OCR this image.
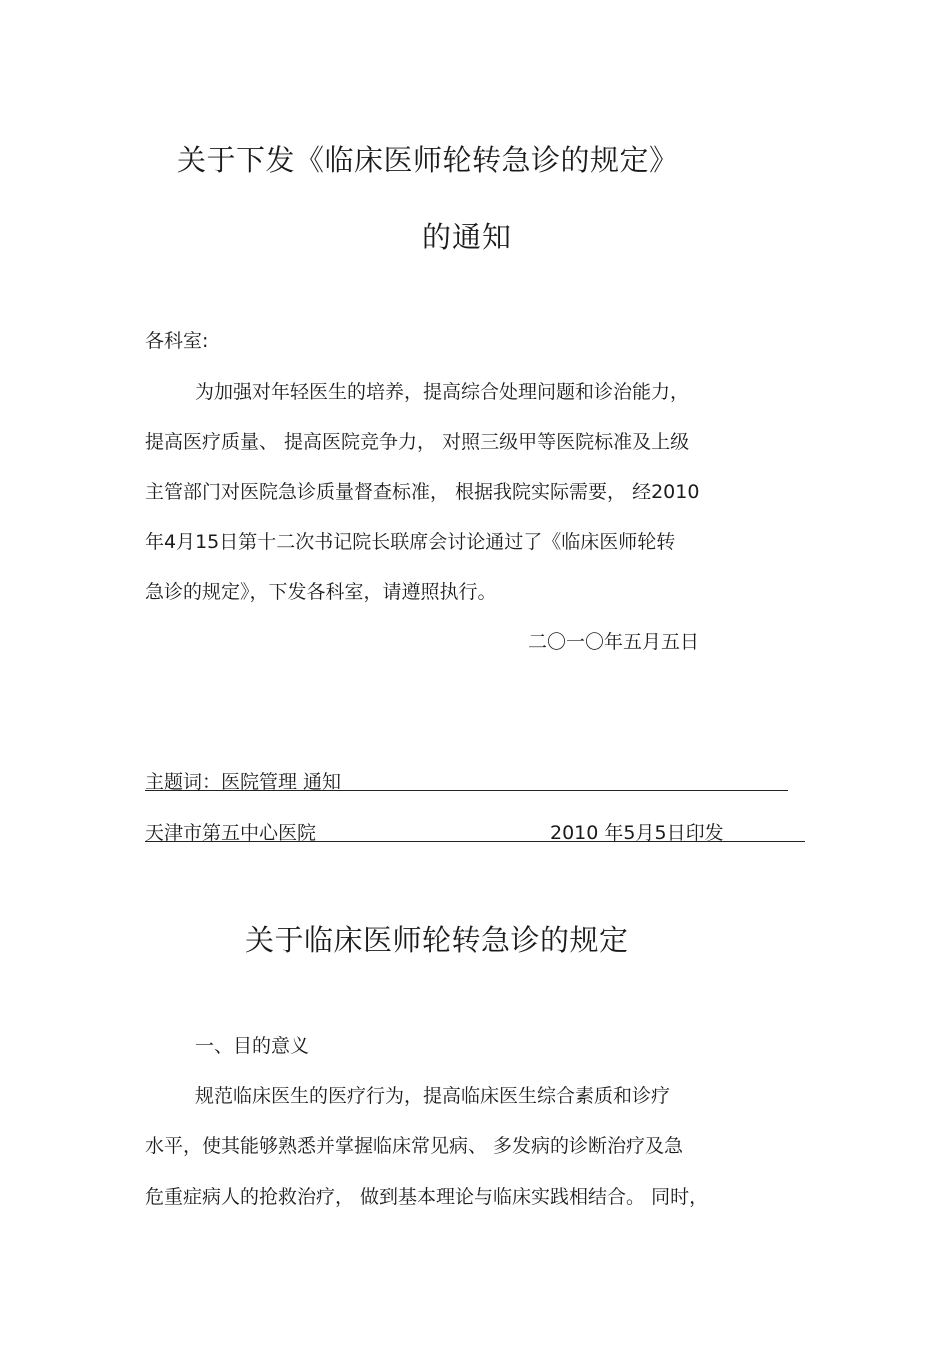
关于下发《临床医师轮转急诊的规定》
的通知
各科室:
为加强对年轻医生的培养，提高综合处理问题和诊治能力，
提高医疗质量、 提高医院竞争力， 对照三级甲等医院标准及上级
主管部门对医院急诊质量督查标准， 根据我院实际需要， 经2010
年4月15日第十二次书记院长联席会讨论通过了《临床医师轮转
急诊的规定》，下发各科室，请遵照执行。
二〇一〇年五月五日
主题词：医院管理 通知
天津市第五中心医院	2010 年5月5日印发
关于临床医师轮转急诊的规定
一、目的意义
规范临床医生的医疗行为，提高临床医生综合素质和诊疗
水平，使其能够熟悉并掌握临床常见病、 多发病的诊断治疗及急
危重症病人的抢救治疗， 做到基本理论与临床实践相结合。 同时，
